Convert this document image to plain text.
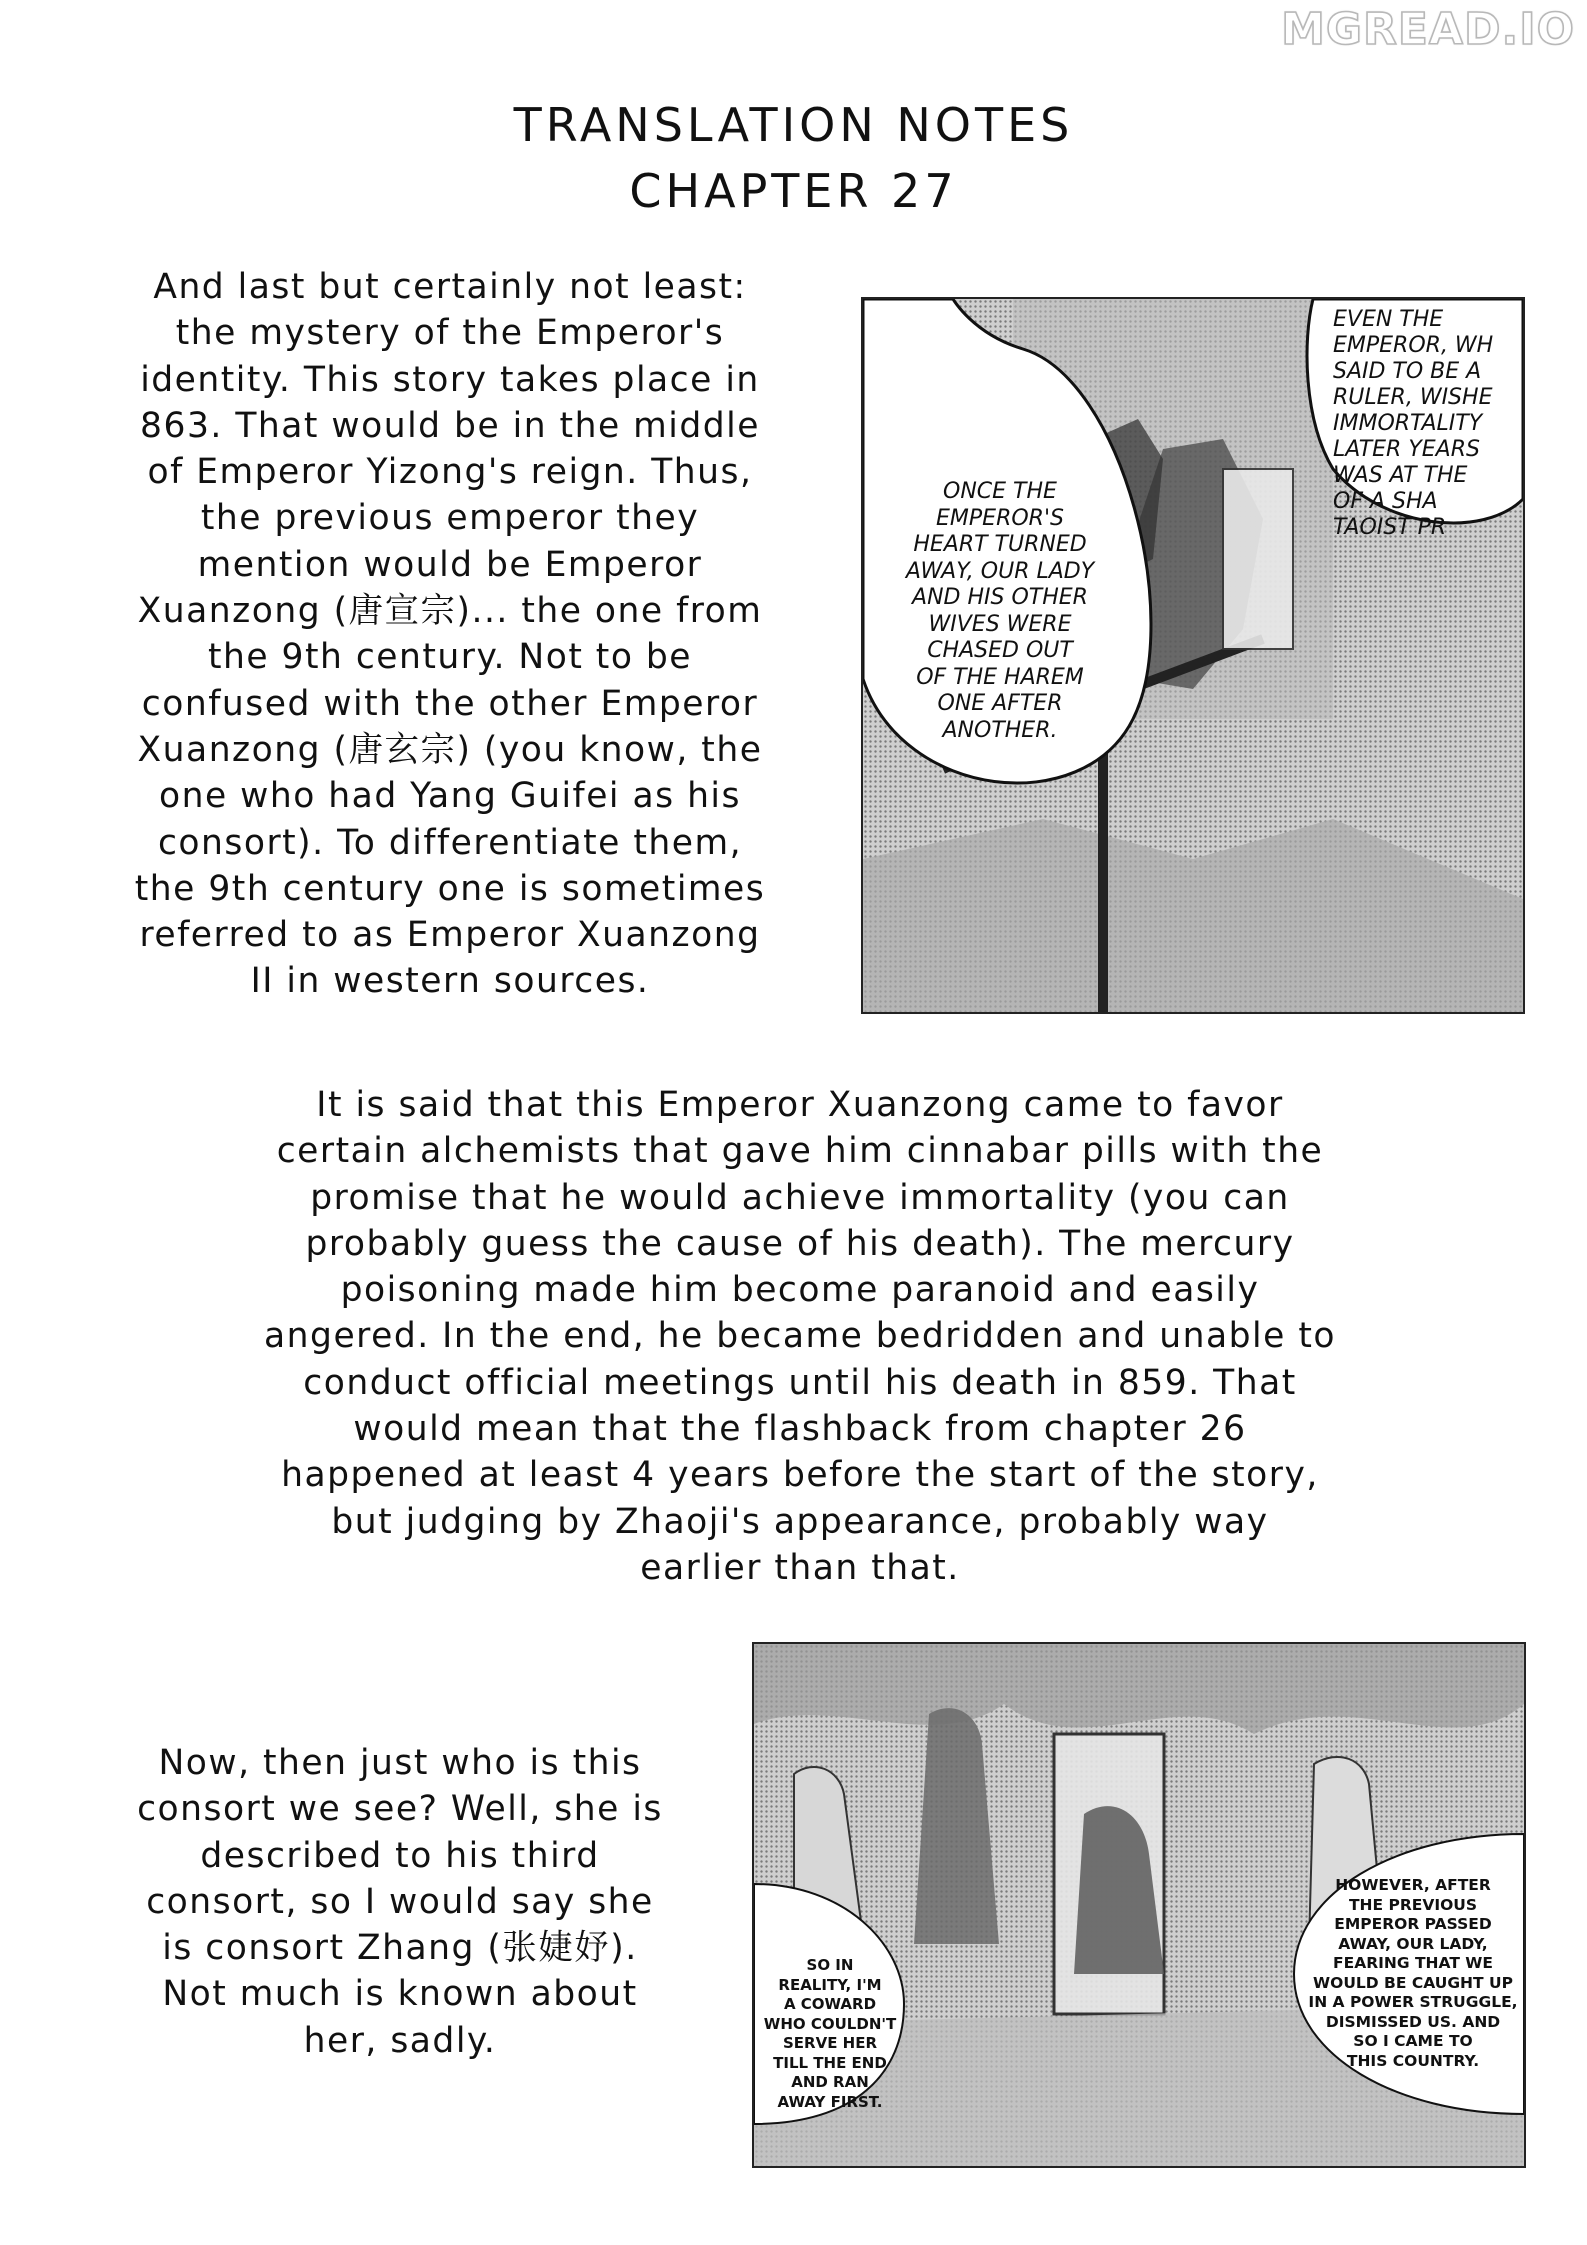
MGREAD.IO
TRANSLATION NOTES
CHAPTER 27
And last but certainly not least:
the mystery of the Emperor's
identity. This story takes place in
863. That would be in the middle
of Emperor Yizong's reign. Thus,
the previous emperor they
mention would be Emperor
Xuanzong (唐宣宗)... the one from
the 9th century. Not to be
confused with the other Emperor
Xuanzong (唐玄宗) (you know, the
one who had Yang Guifei as his
consort). To differentiate them,
the 9th century one is sometimes
referred to as Emperor Xuanzong
II in western sources.
ONCE THE
EMPEROR'S
HEART TURNED
AWAY, OUR LADY
AND HIS OTHER
WIVES WERE
CHASED OUT
OF THE HAREM
ONE AFTER
ANOTHER.
EVEN THE
EMPEROR, WH
SAID TO BE A
RULER, WISHE
IMMORTALITY
LATER YEARS
WAS AT THE
OF A SHA
TAOIST PR
It is said that this Emperor Xuanzong came to favor
certain alchemists that gave him cinnabar pills with the
promise that he would achieve immortality (you can
probably guess the cause of his death). The mercury
poisoning made him become paranoid and easily
angered. In the end, he became bedridden and unable to
conduct official meetings until his death in 859. That
would mean that the flashback from chapter 26
happened at least 4 years before the start of the story,
but judging by Zhaoji's appearance, probably way
earlier than that.
Now, then just who is this
consort we see? Well, she is
described to his third
consort, so I would say she
is consort Zhang (张婕妤).
Not much is known about
her, sadly.
SO IN
REALITY, I'M
A COWARD
WHO COULDN'T
SERVE HER
TILL THE END
AND RAN
AWAY FIRST.
HOWEVER, AFTER
THE PREVIOUS
EMPEROR PASSED
AWAY, OUR LADY,
FEARING THAT WE
WOULD BE CAUGHT UP
IN A POWER STRUGGLE,
DISMISSED US. AND
SO I CAME TO
THIS COUNTRY.
